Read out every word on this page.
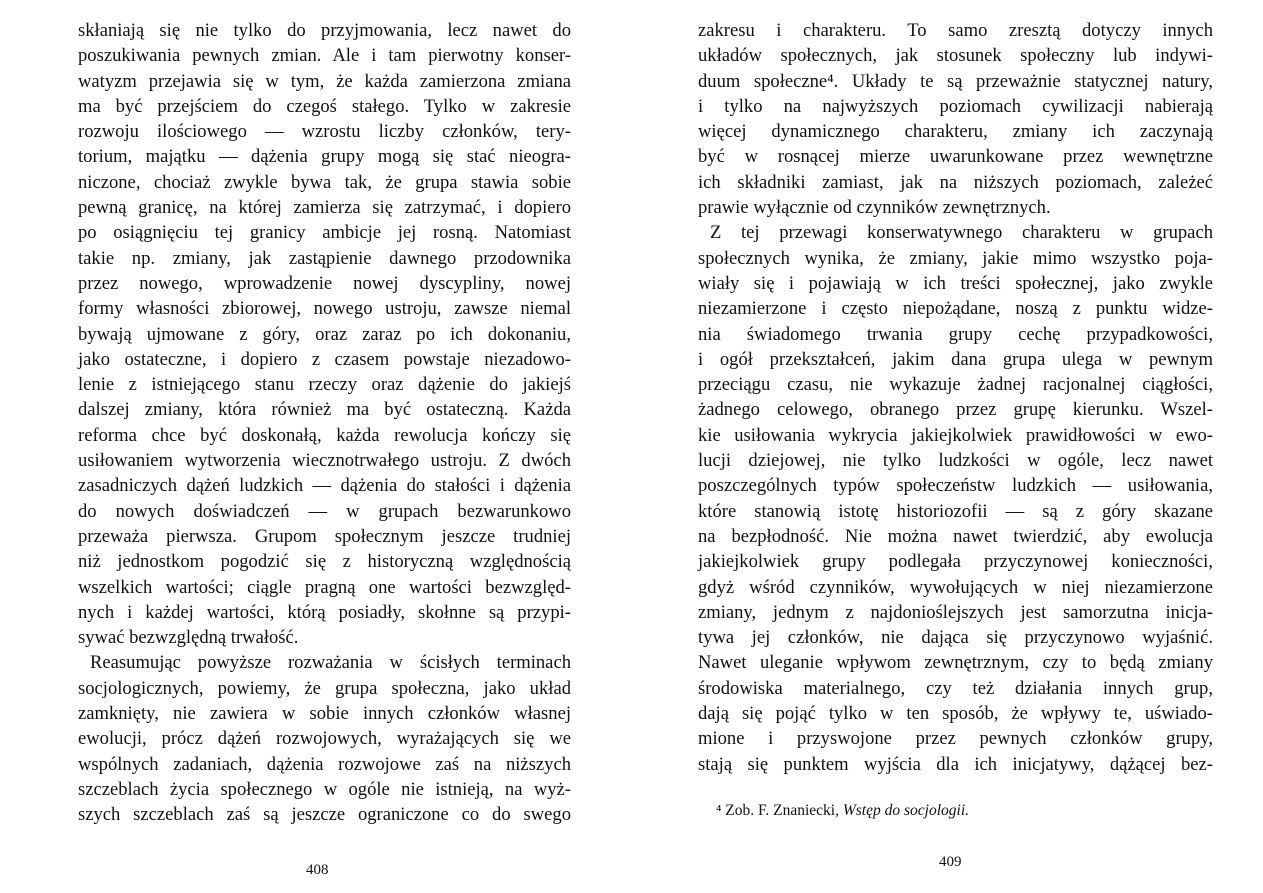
skłaniają się nie tylko do przyjmowania, lecz nawet do
poszukiwania pewnych zmian. Ale i tam pierwotny konser-
watyzm przejawia się w tym, że każda zamierzona zmiana
ma być przejściem do czegoś stałego. Tylko w zakresie
rozwoju ilościowego — wzrostu liczby członków, tery-
torium, majątku — dążenia grupy mogą się stać nieogra-
niczone, chociaż zwykle bywa tak, że grupa stawia sobie
pewną granicę, na której zamierza się zatrzymać, i dopiero
po osiągnięciu tej granicy ambicje jej rosną. Natomiast
takie np. zmiany, jak zastąpienie dawnego przodownika
przez nowego, wprowadzenie nowej dyscypliny, nowej
formy własności zbiorowej, nowego ustroju, zawsze niemal
bywają ujmowane z góry, oraz zaraz po ich dokonaniu,
jako ostateczne, i dopiero z czasem powstaje niezadowo-
lenie z istniejącego stanu rzeczy oraz dążenie do jakiejś
dalszej zmiany, która również ma być ostateczną. Każda
reforma chce być doskonałą, każda rewolucja kończy się
usiłowaniem wytworzenia wiecznotrwałego ustroju. Z dwóch
zasadniczych dążeń ludzkich — dążenia do stałości i dążenia
do nowych doświadczeń — w grupach bezwarunkowo
przeważa pierwsza. Grupom społecznym jeszcze trudniej
niż jednostkom pogodzić się z historyczną względnością
wszelkich wartości; ciągle pragną one wartości bezwzględ-
nych i każdej wartości, którą posiadły, skołnne są przypi-
sywać bezwzględną trwałość.
Reasumując powyższe rozważania w ścisłych terminach
socjologicznych, powiemy, że grupa społeczna, jako układ
zamknięty, nie zawiera w sobie innych członków własnej
ewolucji, prócz dążeń rozwojowych, wyrażających się we
wspólnych zadaniach, dążenia rozwojowe zaś na niższych
szczeblach życia społecznego w ogóle nie istnieją, na wyż-
szych szczeblach zaś są jeszcze ograniczone co do swego
zakresu i charakteru. To samo zresztą dotyczy innych
układów społecznych, jak stosunek społeczny lub indywi-
duum społeczne⁴. Układy te są przeważnie statycznej natury,
i tylko na najwyższych poziomach cywilizacji nabierają
więcej dynamicznego charakteru, zmiany ich zaczynają
być w rosnącej mierze uwarunkowane przez wewnętrzne
ich składniki zamiast, jak na niższych poziomach, zależeć
prawie wyłącznie od czynników zewnętrznych.
Z tej przewagi konserwatywnego charakteru w grupach
społecznych wynika, że zmiany, jakie mimo wszystko poja-
wiały się i pojawiają w ich treści społecznej, jako zwykle
niezamierzone i często niepożądane, noszą z punktu widze-
nia świadomego trwania grupy cechę przypadkowości,
i ogół przekształceń, jakim dana grupa ulega w pewnym
przeciągu czasu, nie wykazuje żadnej racjonalnej ciągłości,
żadnego celowego, obranego przez grupę kierunku. Wszel-
kie usiłowania wykrycia jakiejkolwiek prawidłowości w ewo-
lucji dziejowej, nie tylko ludzkości w ogóle, lecz nawet
poszczególnych typów społeczeństw ludzkich — usiłowania,
które stanowią istotę historiozofii — są z góry skazane
na bezpłodność. Nie można nawet twierdzić, aby ewolucja
jakiejkolwiek grupy podlegała przyczynowej konieczności,
gdyż wśród czynników, wywołujących w niej niezamierzone
zmiany, jednym z najdonioślejszych jest samorzutna inicja-
tywa jej członków, nie dająca się przyczynowo wyjaśnić.
Nawet uleganie wpływom zewnętrznym, czy to będą zmiany
środowiska materialnego, czy też działania innych grup,
dają się pojąć tylko w ten sposób, że wpływy te, uświado-
mione i przyswojone przez pewnych członków grupy,
stają się punktem wyjścia dla ich inicjatywy, dążącej bez-
⁴ Zob. F. Znaniecki, Wstęp do socjologii.
408	409
